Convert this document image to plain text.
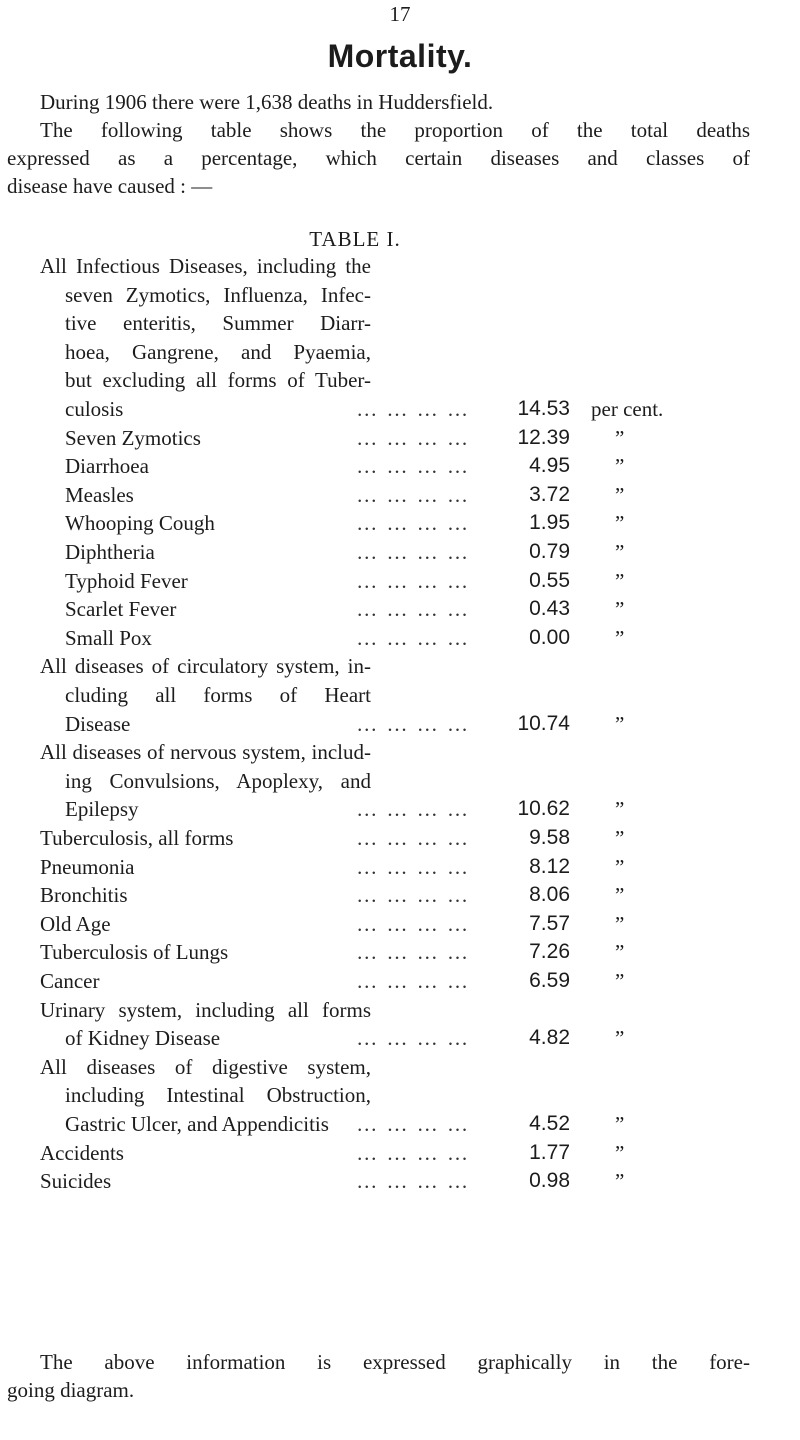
17
Mortality.
During 1906 there were 1,638 deaths in Huddersfield.
The following table shows the proportion of the total deaths
expressed as a percentage, which certain diseases and classes of
disease have caused : —
TABLE I.
All Infectious Diseases, including the
seven Zymotics, Influenza, Infec-
tive enteritis, Summer Diarr-
hoea, Gangrene, and Pyaemia,
but excluding all forms of Tuber-
culosis	… … … …	14.53 per cent.
Seven Zymotics	… … … …	12.39 ”
Diarrhoea	… … … …	4.95 ”
Measles	… … … …	3.72 ”
Whooping Cough	… … … …	1.95 ”
Diphtheria	… … … …	0.79 ”
Typhoid Fever	… … … …	0.55 ”
Scarlet Fever	… … … …	0.43 ”
Small Pox	… … … …	0.00 ”
All diseases of circulatory system, in-
cluding all forms of Heart
Disease	… … … …	10.74 ”
All diseases of nervous system, includ-
ing Convulsions, Apoplexy, and
Epilepsy	… … … …	10.62 ”
Tuberculosis, all forms	… … … …	9.58 ”
Pneumonia	… … … …	8.12 ”
Bronchitis	… … … …	8.06 ”
Old Age	… … … …	7.57 ”
Tuberculosis of Lungs	… … … …	7.26 ”
Cancer	… … … …	6.59 ”
Urinary system, including all forms
of Kidney Disease	… … … …	4.82 ”
All diseases of digestive system,
including Intestinal Obstruction,
Gastric Ulcer, and Appendicitis	… … … …	4.52 ”
Accidents	… … … …	1.77 ”
Suicides	… … … …	0.98 ”
The above information is expressed graphically in the fore-
going diagram.
